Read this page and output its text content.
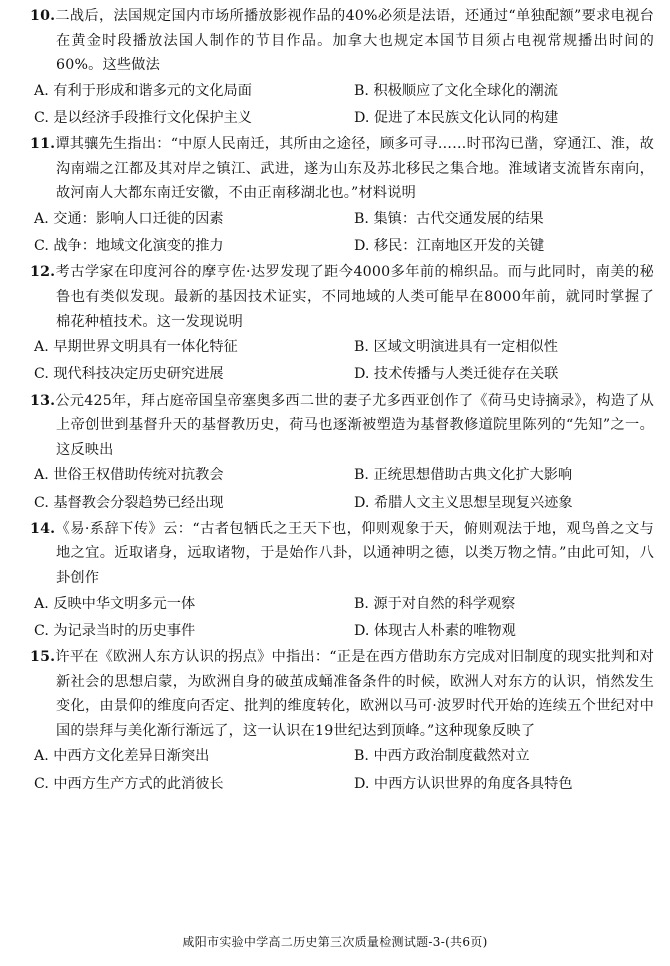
10.二战后，法国规定国内市场所播放影视作品的40%必须是法语，还通过“单独配额”要求电视台在黄金时段播放法国人制作的节目作品。加拿大也规定本国节目须占电视常规播出时间的60%。这些做法

A. 有利于形成和谐多元的文化局面	B. 积极顺应了文化全球化的潮流
C. 是以经济手段推行文化保护主义	D. 促进了本民族文化认同的构建

11.谭其骧先生指出：“中原人民南迁，其所由之途径，顾多可寻……时邗沟已凿，穿通江、淮，故沟南端之江都及其对岸之镇江、武进，遂为山东及苏北移民之集合地。淮域诸支流皆东南向，故河南人大都东南迁安徽，不由正南移湖北也。”材料说明

A. 交通：影响人口迁徙的因素	B. 集镇：古代交通发展的结果
C. 战争：地域文化演变的推力	D. 移民：江南地区开发的关键

12.考古学家在印度河谷的摩亨佐·达罗发现了距今4000多年前的棉织品。而与此同时，南美的秘鲁也有类似发现。最新的基因技术证实，不同地域的人类可能早在8000年前，就同时掌握了棉花种植技术。这一发现说明

A. 早期世界文明具有一体化特征	B. 区域文明演进具有一定相似性
C. 现代科技决定历史研究进展	D. 技术传播与人类迁徙存在关联

13.公元425年，拜占庭帝国皇帝塞奥多西二世的妻子尤多西亚创作了《荷马史诗摘录》，构造了从上帝创世到基督升天的基督教历史，荷马也逐渐被塑造为基督教修道院里陈列的“先知”之一。这反映出

A. 世俗王权借助传统对抗教会	B. 正统思想借助古典文化扩大影响
C. 基督教会分裂趋势已经出现	D. 希腊人文主义思想呈现复兴迹象

14.《易·系辞下传》云：“古者包牺氏之王天下也，仰则观象于天，俯则观法于地，观鸟兽之文与地之宜。近取诸身，远取诸物，于是始作八卦，以通神明之德，以类万物之情。”由此可知，八卦创作

A. 反映中华文明多元一体	B. 源于对自然的科学观察
C. 为记录当时的历史事件	D. 体现古人朴素的唯物观

15.许平在《欧洲人东方认识的拐点》中指出：“正是在西方借助东方完成对旧制度的现实批判和对新社会的思想启蒙，为欧洲自身的破茧成蛹准备条件的时候，欧洲人对东方的认识，悄然发生变化，由景仰的维度向否定、批判的维度转化，欧洲以马可·波罗时代开始的连续五个世纪对中国的崇拜与美化渐行渐远了，这一认识在19世纪达到顶峰。”这种现象反映了

A. 中西方文化差异日渐突出	B. 中西方政治制度截然对立
C. 中西方生产方式的此消彼长	D. 中西方认识世界的角度各具特色
咸阳市实验中学高二历史第三次质量检测试题-3-(共6页)
